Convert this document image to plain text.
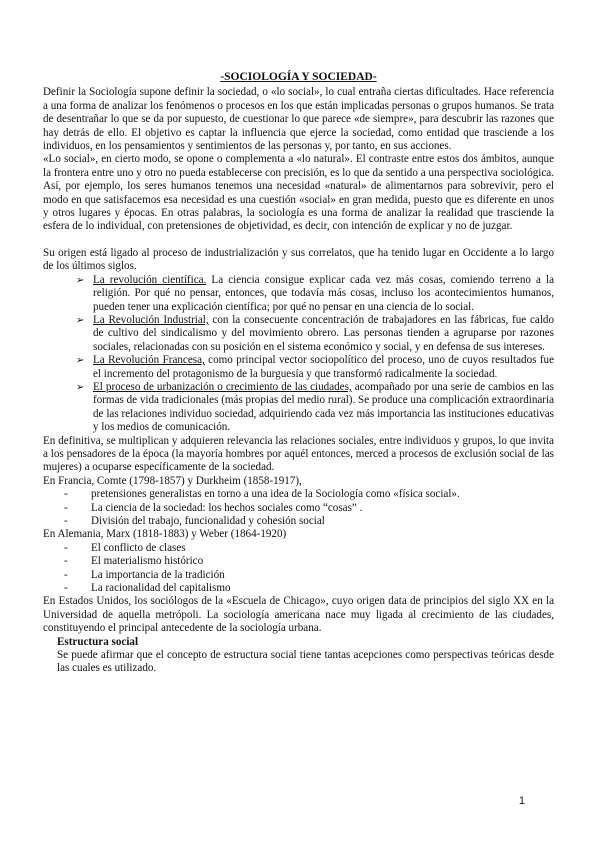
-SOCIOLOGÍA Y SOCIEDAD-

Definir la Sociología supone definir la sociedad, o «lo social», lo cual entraña ciertas dificultades. Hace referencia a una forma de analizar los fenómenos o procesos en los que están implicadas personas o grupos humanos. Se trata de desentrañar lo que se da por supuesto, de cuestionar lo que parece «de siempre», para descubrir las razones que hay detrás de ello. El objetivo es captar la influencia que ejerce la sociedad, como entidad que trasciende a los individuos, en los pensamientos y sentimientos de las personas y, por tanto, en sus acciones.

«Lo social», en cierto modo, se opone o complementa a «lo natural». El contraste entre estos dos ámbitos, aunque la frontera entre uno y otro no pueda establecerse con precisión, es lo que da sentido a una perspectiva sociológica. Así, por ejemplo, los seres humanos tenemos una necesidad «natural» de alimentarnos para sobrevivir, pero el modo en que satisfacemos esa necesidad es una cuestión «social» en gran medida, puesto que es diferente en unos y otros lugares y épocas. En otras palabras, la sociología es una forma de analizar la realidad que trasciende la esfera de lo individual, con pretensiones de objetividad, es decir, con intención de explicar y no de juzgar.

Su origen está ligado al proceso de industrialización y sus correlatos, que ha tenido lugar en Occidente a lo largo de los últimos siglos.

➢ La revolución científica. La ciencia consigue explicar cada vez más cosas, comiendo terreno a la religión. Por qué no pensar, entonces, que todavía más cosas, incluso los acontecimientos humanos, pueden tener una explicación científica; por qué no pensar en una ciencia de lo social.
➢ La Revolución Industrial, con la consecuente concentración de trabajadores en las fábricas, fue caldo de cultivo del sindicalismo y del movimiento obrero. Las personas tienden a agruparse por razones sociales, relacionadas con su posición en el sistema económico y social, y en defensa de sus intereses.
➢ La Revolución Francesa, como principal vector sociopolítico del proceso, uno de cuyos resultados fue el incremento del protagonismo de la burguesía y que transformó radicalmente la sociedad.
➢ El proceso de urbanización o crecimiento de las ciudades, acompañado por una serie de cambios en las formas de vida tradicionales (más propias del medio rural). Se produce una complicación extraordinaria de las relaciones individuo sociedad, adquiriendo cada vez más importancia las instituciones educativas y los medios de comunicación.

En definitiva, se multiplican y adquieren relevancia las relaciones sociales, entre individuos y grupos, lo que invita a los pensadores de la época (la mayoría hombres por aquél entonces, merced a procesos de exclusión social de las mujeres) a ocuparse específicamente de la sociedad.

En Francia, Comte (1798-1857) y Durkheim (1858-1917),

- pretensiones generalistas en torno a una idea de la Sociología como «física social».
- La ciencia de la sociedad: los hechos sociales como “cosas” .
- División del trabajo, funcionalidad y cohesión social

En Alemania, Marx (1818-1883) y Weber (1864-1920)

- El conflicto de clases
- El materialismo histórico
- La importancia de la tradición
- La racionalidad del capitalismo

En Estados Unidos, los sociólogos de la «Escuela de Chicago», cuyo origen data de principios del siglo XX en la Universidad de aquella metrópoli. La sociología americana nace muy ligada al crecimiento de las ciudades, constituyendo el principal antecedente de la sociología urbana.

Estructura social
Se puede afirmar que el concepto de estructura social tiene tantas acepciones como perspectivas teóricas desde las cuales es utilizado.
1
